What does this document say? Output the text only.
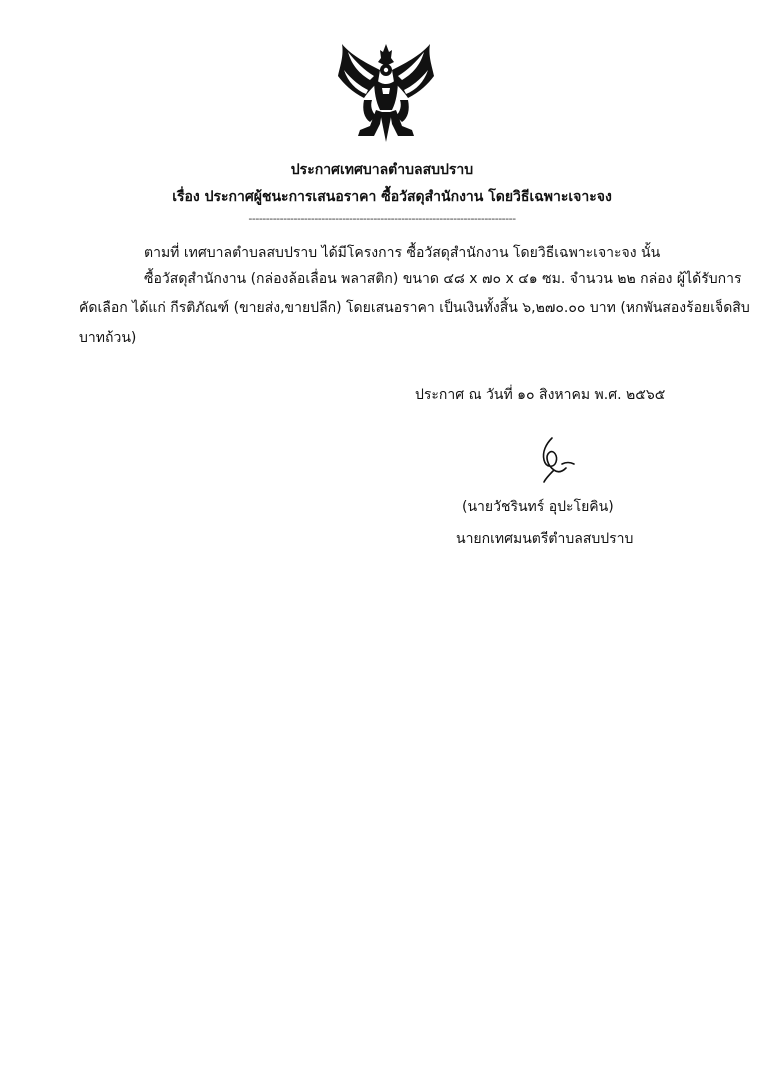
ประกาศเทศบาลตำบลสบปราบ
เรื่อง ประกาศผู้ชนะการเสนอราคา ซื้อวัสดุสำนักงาน โดยวิธีเฉพาะเจาะจง
-----------------------------------------------------------------------------
ตามที่ เทศบาลตำบลสบปราบ ได้มีโครงการ ซื้อวัสดุสำนักงาน โดยวิธีเฉพาะเจาะจง นั้น
ซื้อวัสดุสำนักงาน (กล่องล้อเลื่อน พลาสติก) ขนาด ๔๘ x ๗๐ x ๔๑ ซม. จำนวน ๒๒ กล่อง ผู้ได้รับการ
คัดเลือก ได้แก่ กีรติภัณฑ์ (ขายส่ง,ขายปลีก) โดยเสนอราคา เป็นเงินทั้งสิ้น ๖,๒๗๐.๐๐ บาท (หกพันสองร้อยเจ็ดสิบ
บาทถ้วน)
ประกาศ ณ วันที่ ๑๐ สิงหาคม พ.ศ. ๒๕๖๕
(นายวัชรินทร์ อุปะโยคิน)
นายกเทศมนตรีตำบลสบปราบ
